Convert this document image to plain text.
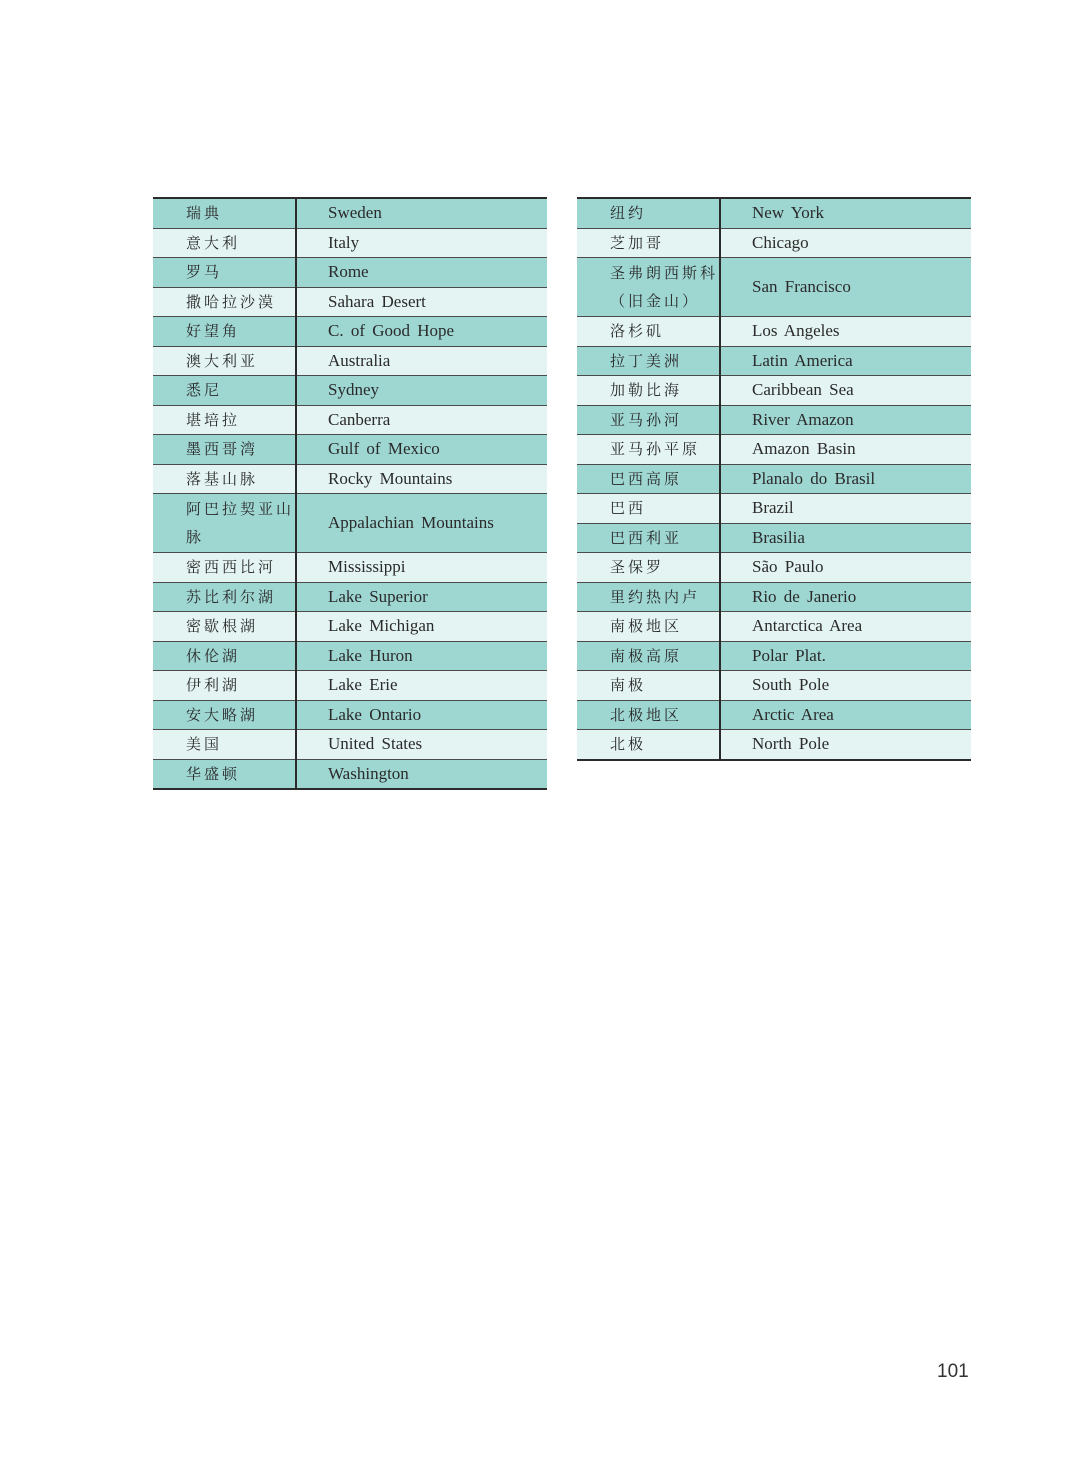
瑞典	Sweden
意大利	Italy
罗马	Rome
撒哈拉沙漠	Sahara Desert
好望角	C. of Good Hope
澳大利亚	Australia
悉尼	Sydney
堪培拉	Canberra
墨西哥湾	Gulf of Mexico
落基山脉	Rocky Mountains
阿巴拉契亚山脉	Appalachian Mountains
密西西比河	Mississippi
苏比利尔湖	Lake Superior
密歇根湖	Lake Michigan
休伦湖	Lake Huron
伊利湖	Lake Erie
安大略湖	Lake Ontario
美国	United States
华盛顿	Washington
纽约	New York
芝加哥	Chicago
圣弗朗西斯科（旧金山）	San Francisco
洛杉矶	Los Angeles
拉丁美洲	Latin America
加勒比海	Caribbean Sea
亚马孙河	River Amazon
亚马孙平原	Amazon Basin
巴西高原	Planalo do Brasil
巴西	Brazil
巴西利亚	Brasilia
圣保罗	São Paulo
里约热内卢	Rio de Janerio
南极地区	Antarctica Area
南极高原	Polar Plat.
南极	South Pole
北极地区	Arctic Area
北极	North Pole
101
